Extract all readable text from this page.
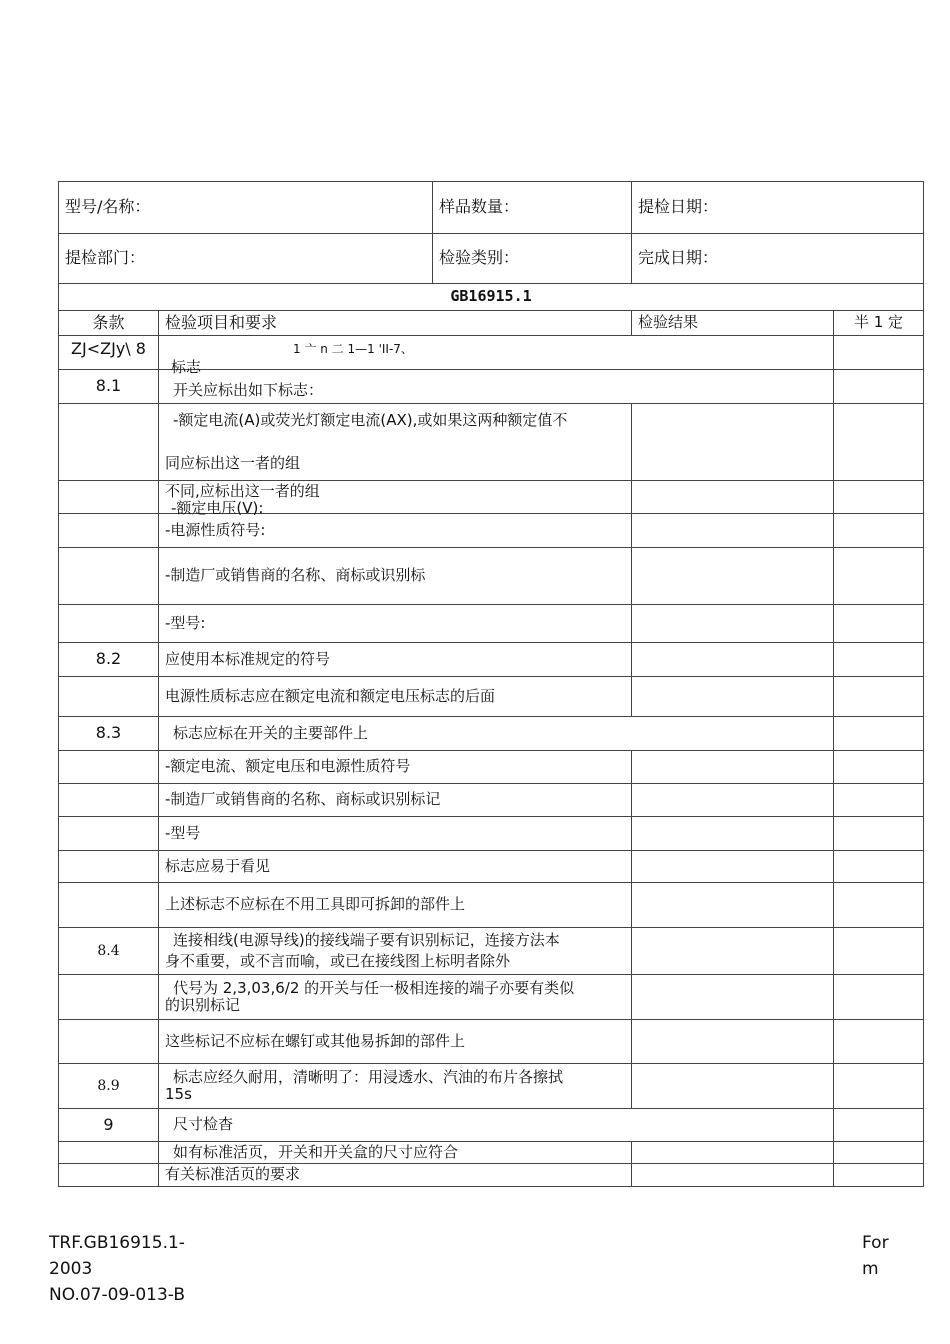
型号/名称：		样品数量：	提检日期：	
提检部门：		检验类别：	完成日期：	
GB16915.1				
条款	检验项目和要求		检验结果	半 1 定

ZJ<ZJy\ 8	1 亠 n 二 1—1 'II-7、
标志			

8.1	开关应标出如下标志：			

	-额定电流(A)或荧光灯额定电流(AX),或如果这两种额定值不
同应标出这一者的组			

	不同,应标出这一者的组
-额定电压(V):			

	-电源性质符号:			
	-制造厂或销售商的名称、商标或识别标			
	-型号:			
8.2	应使用本标准规定的符号			
	电源性质标志应在额定电流和额定电压标志的后面			
8.3	标志应标在开关的主要部件上			
	-额定电流、额定电压和电源性质符号			
	-制造厂或销售商的名称、商标或识别标记			
	-型号			
	标志应易于看见			
	上述标志不应标在不用工具即可拆卸的部件上			
8.4	连接相线(电源导线)的接线端子要有识别标记，连接方法本
身不重要，或不言而喻，或已在接线图上标明者除外			

	代号为 2,3,03,6/2 的开关与任一极相连接的端子亦要有类似
的识别标记			

	这些标记不应标在螺钉或其他易拆卸的部件上			
8.9	标志应经久耐用，清晰明了：用浸透水、汽油的布片各擦拭
15s			

9	尺寸检杳			
	如有标准活页，开关和开关盒的尺寸应符合			
	有关标准活页的要求			
TRF.GB16915.1-
2003
NO.07-09-013-B
For
m
